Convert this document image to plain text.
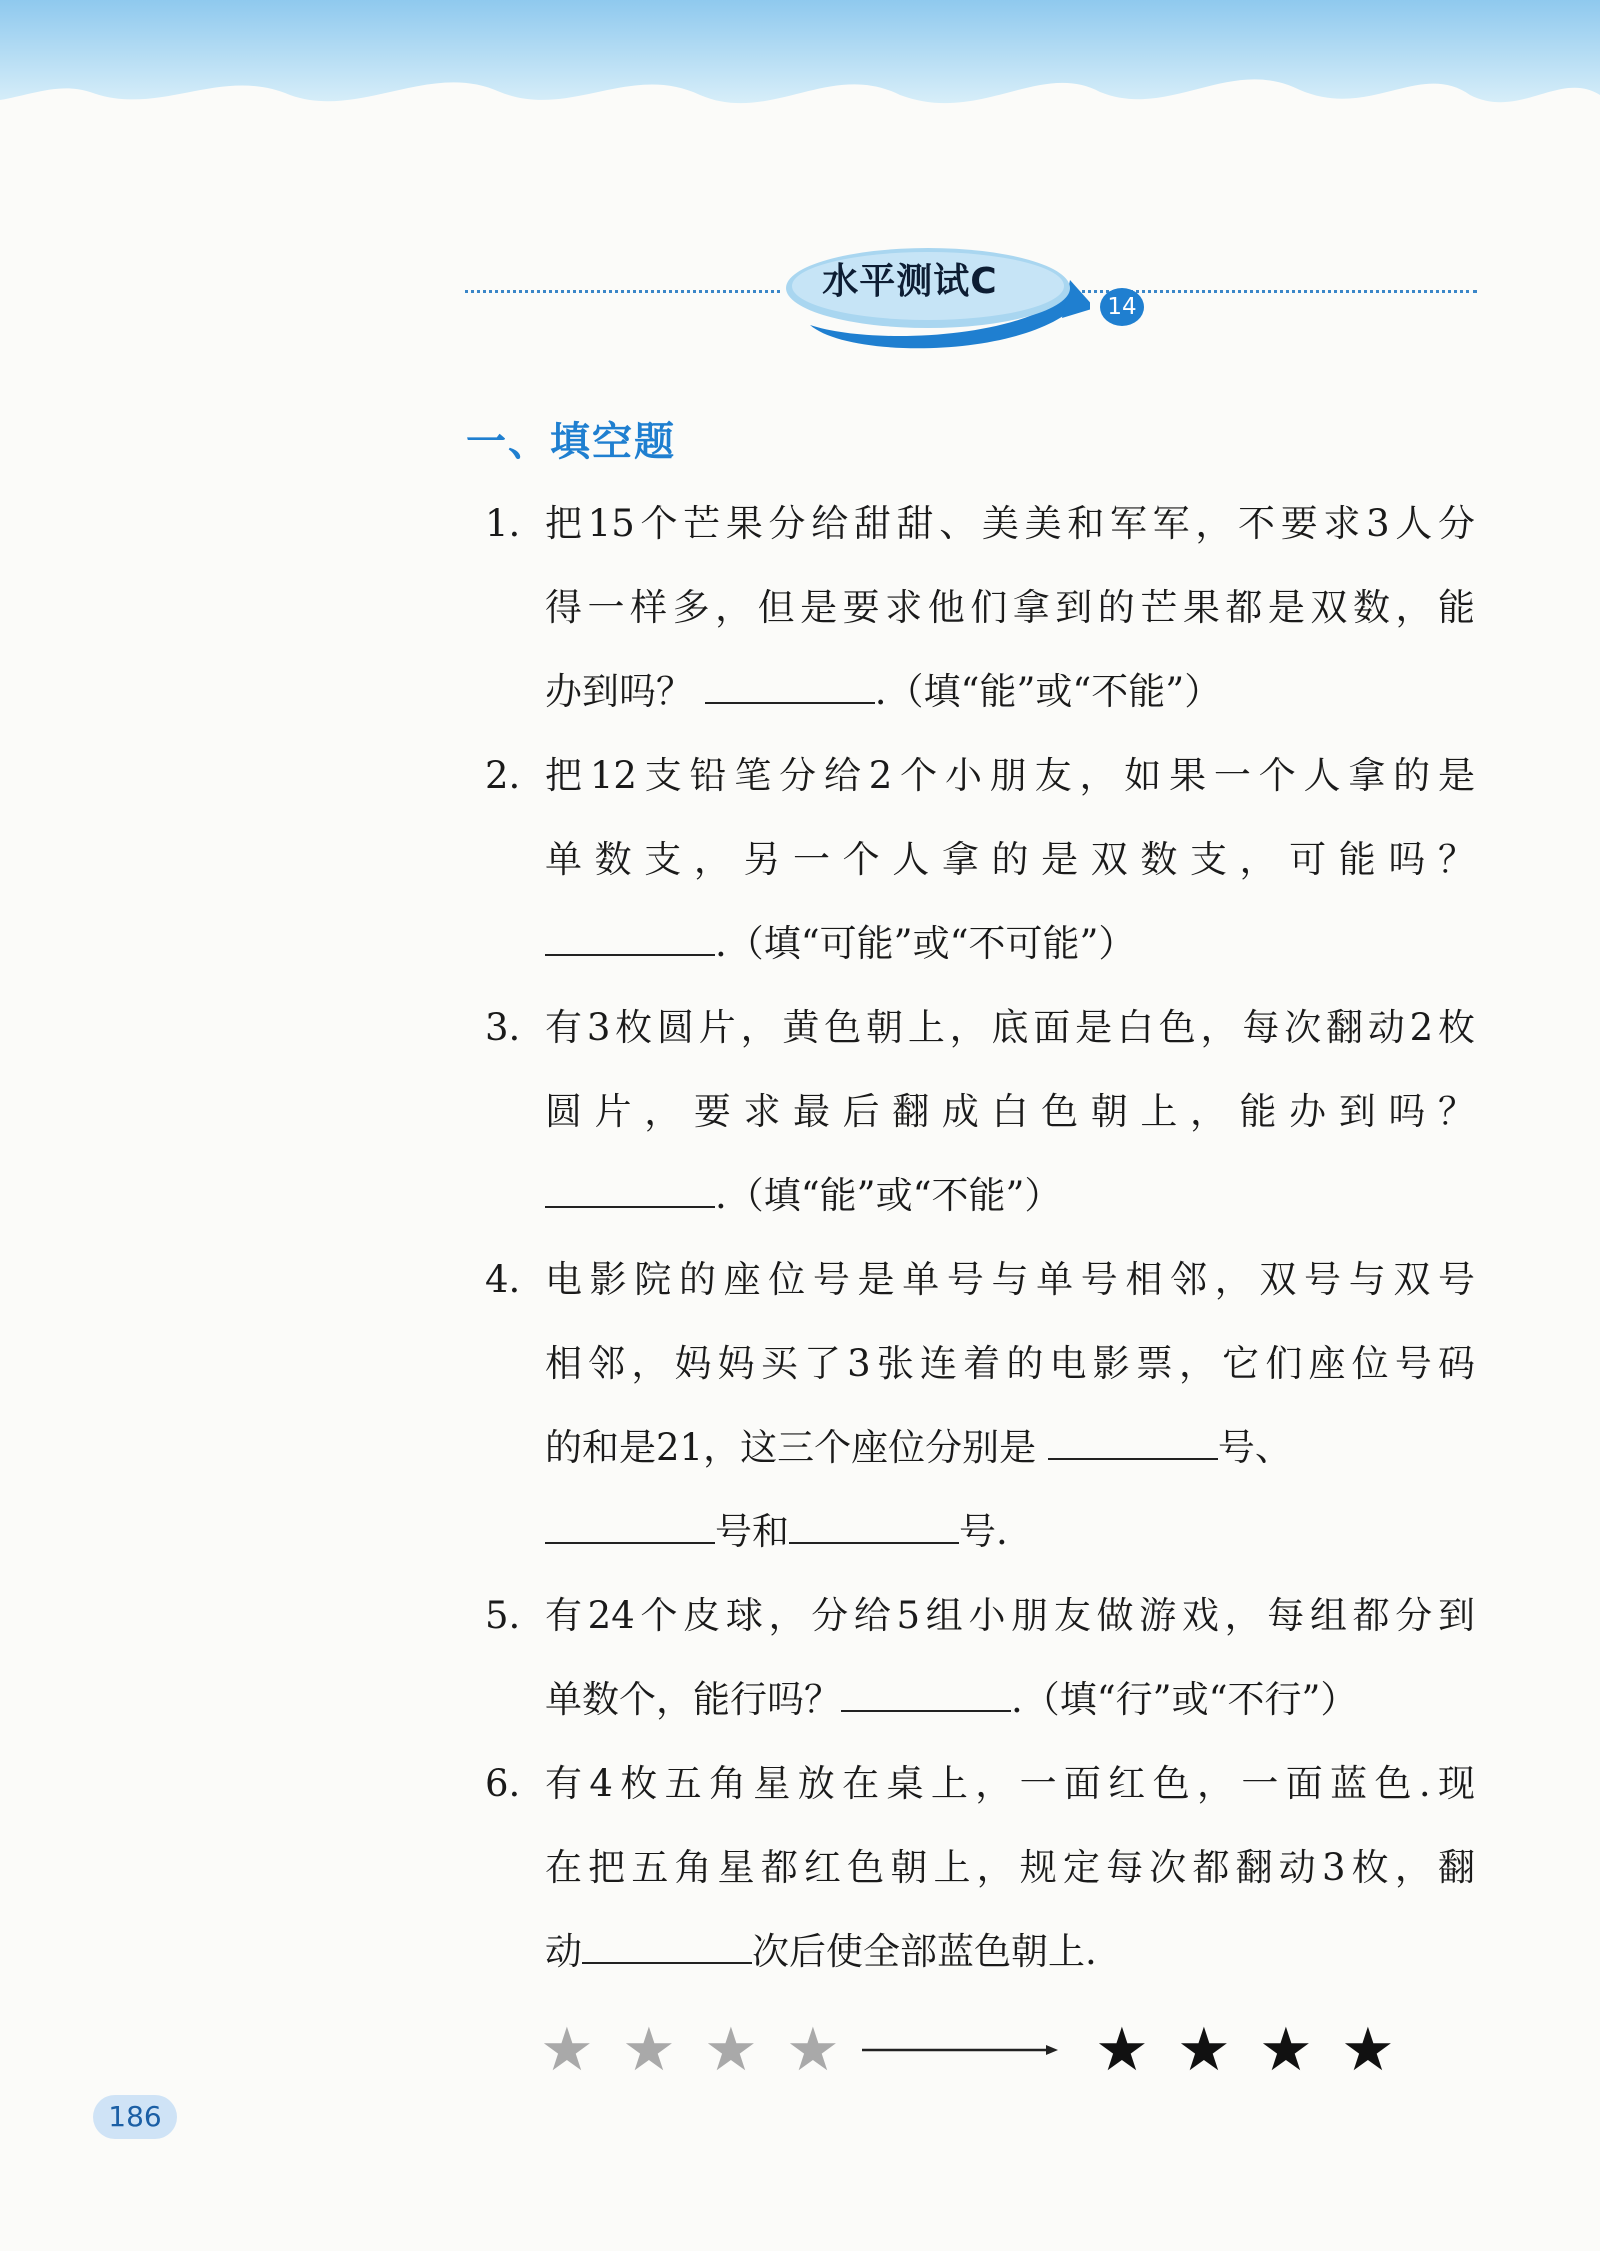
水平测试C
14
一、填空题
1. 把15个芒果分给甜甜、美美和军军，不要求3人分
得一样多，但是要求他们拿到的芒果都是双数，能
办到吗？	.（填“能”或“不能”）
2. 把12支铅笔分给2个小朋友，如果一个人拿的是
单数支，另一个人拿的是双数支，可能吗？
.（填“可能”或“不可能”）
3. 有3枚圆片，黄色朝上，底面是白色，每次翻动2枚
圆片，要求最后翻成白色朝上，能办到吗？
.（填“能”或“不能”）
4. 电影院的座位号是单号与单号相邻，双号与双号
相邻，妈妈买了3张连着的电影票，它们座位号码
的和是21，这三个座位分别是	号、
号和	号.
5. 有24个皮球，分给5组小朋友做游戏，每组都分到
单数个，能行吗？	.（填“行”或“不行”）
6. 有4枚五角星放在桌上，一面红色，一面蓝色.现
在把五角星都红色朝上，规定每次都翻动3枚，翻
动	次后使全部蓝色朝上.
★ ★ ★ ★	★ ★ ★ ★
186
